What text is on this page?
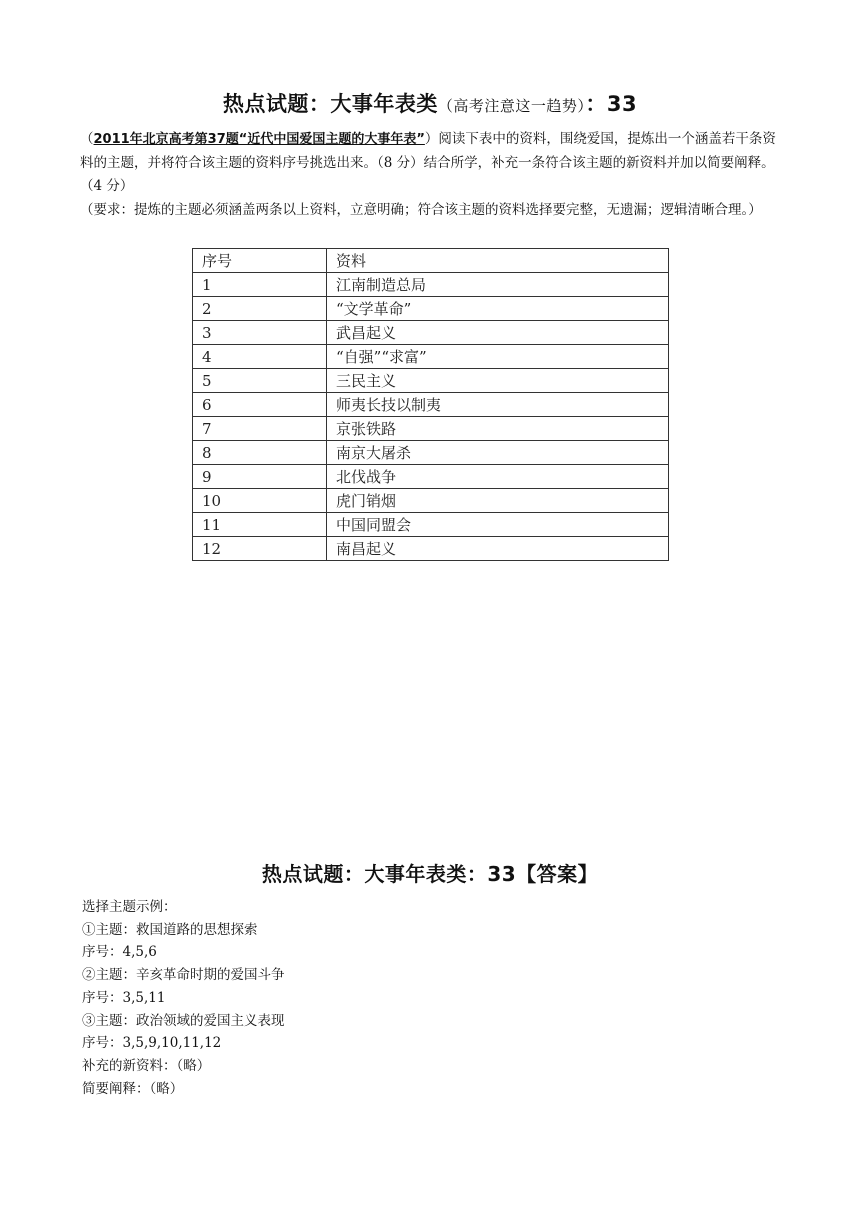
热点试题：大事年表类（高考注意这一趋势）：33

（2011年北京高考第37题“近代中国爱国主题的大事年表”）阅读下表中的资料，围绕爱国，提炼出一个涵盖若干条资料的主题，并将符合该主题的资料序号挑选出来。（8 分）结合所学，补充一条符合该主题的新资料并加以简要阐释。（4 分）

（要求：提炼的主题必须涵盖两条以上资料，立意明确；符合该主题的资料选择要完整，无遗漏；逻辑清晰合理。）

序号	资料
1	江南制造总局
2	“文学革命”
3	武昌起义
4	“自强”“求富”
5	三民主义
6	师夷长技以制夷
7	京张铁路
8	南京大屠杀
9	北伐战争
10	虎门销烟
11	中国同盟会
12	南昌起义
热点试题：大事年表类：33【答案】
选择主题示例：
①主题：救国道路的思想探索
序号：4,5,6
②主题：辛亥革命时期的爱国斗争
序号：3,5,11
③主题：政治领域的爱国主义表现
序号：3,5,9,10,11,12
补充的新资料：（略）
简要阐释：（略）
